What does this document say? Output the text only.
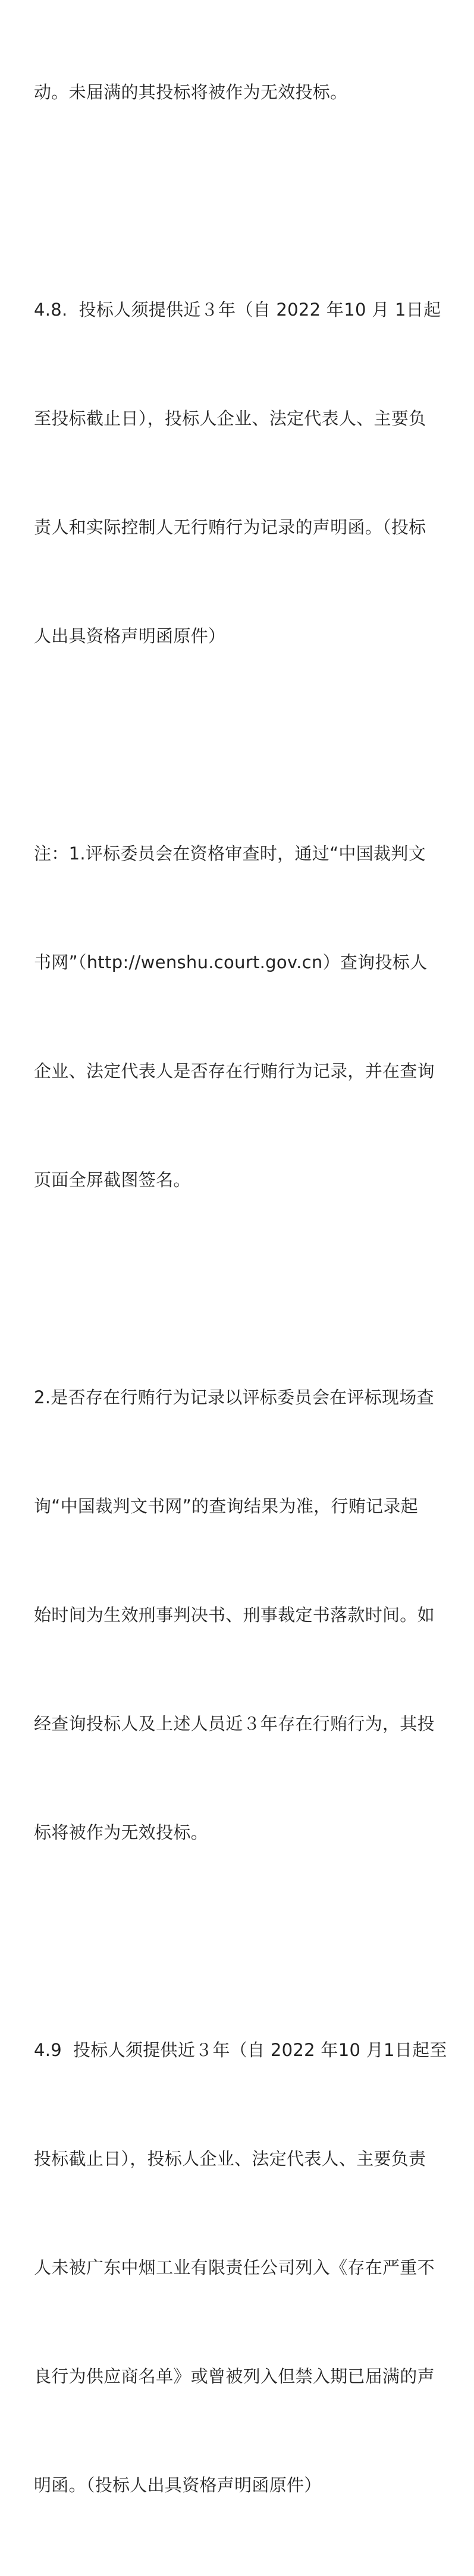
动。未届满的其投标将被作为无效投标。

4.8.  投标人须提供近３年（自 2022 年10 月 1日起

至投标截止日），投标人企业、法定代表人、主要负

责人和实际控制人无行贿行为记录的声明函。（投标

人出具资格声明函原件）

注：1.评标委员会在资格审查时，通过“中国裁判文

书网”（http://wenshu.court.gov.cn）查询投标人

企业、法定代表人是否存在行贿行为记录，并在查询

页面全屏截图签名。

2.是否存在行贿行为记录以评标委员会在评标现场查

询“中国裁判文书网”的查询结果为准，行贿记录起

始时间为生效刑事判决书、刑事裁定书落款时间。如

经查询投标人及上述人员近３年存在行贿行为，其投

标将被作为无效投标。

4.9  投标人须提供近３年（自 2022 年10 月1日起至

投标截止日），投标人企业、法定代表人、主要负责

人未被广东中烟工业有限责任公司列入《存在严重不

良行为供应商名单》或曾被列入但禁入期已届满的声

明函。（投标人出具资格声明函原件）
